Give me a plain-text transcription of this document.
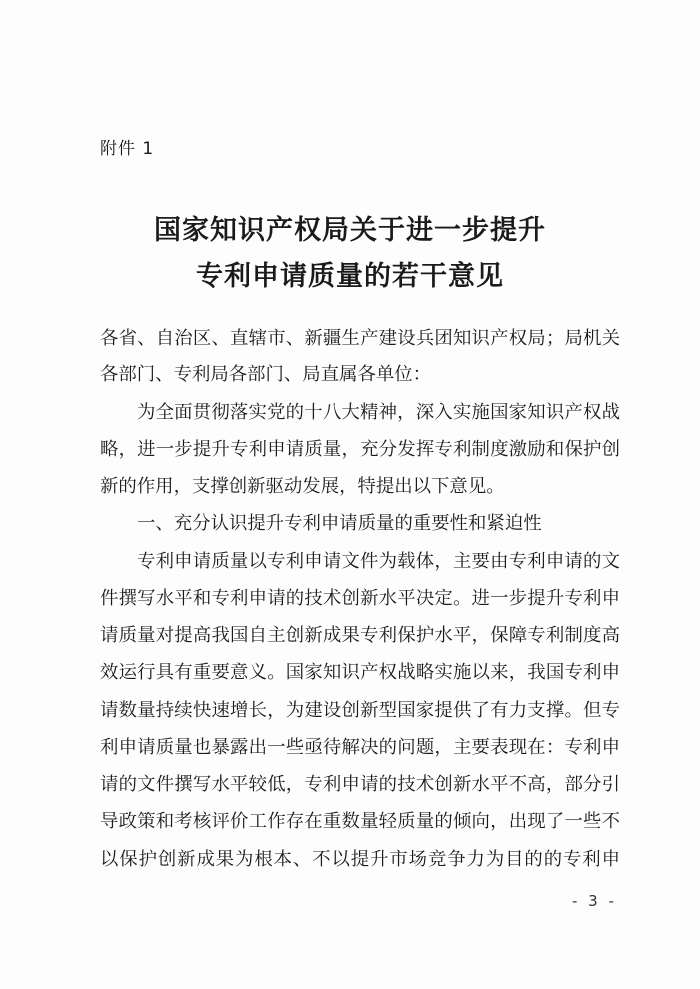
附件 1
国家知识产权局关于进一步提升
专利申请质量的若干意见
各省、自治区、直辖市、新疆生产建设兵团知识产权局；局机关
各部门、专利局各部门、局直属各单位：
为全面贯彻落实党的十八大精神，深入实施国家知识产权战
略，进一步提升专利申请质量，充分发挥专利制度激励和保护创
新的作用，支撑创新驱动发展，特提出以下意见。
一、充分认识提升专利申请质量的重要性和紧迫性
专利申请质量以专利申请文件为载体，主要由专利申请的文
件撰写水平和专利申请的技术创新水平决定。进一步提升专利申
请质量对提高我国自主创新成果专利保护水平，保障专利制度高
效运行具有重要意义。国家知识产权战略实施以来，我国专利申
请数量持续快速增长，为建设创新型国家提供了有力支撑。但专
利申请质量也暴露出一些亟待解决的问题，主要表现在：专利申
请的文件撰写水平较低，专利申请的技术创新水平不高，部分引
导政策和考核评价工作存在重数量轻质量的倾向，出现了一些不
以保护创新成果为根本、不以提升市场竞争力为目的的专利申
- 3 -
